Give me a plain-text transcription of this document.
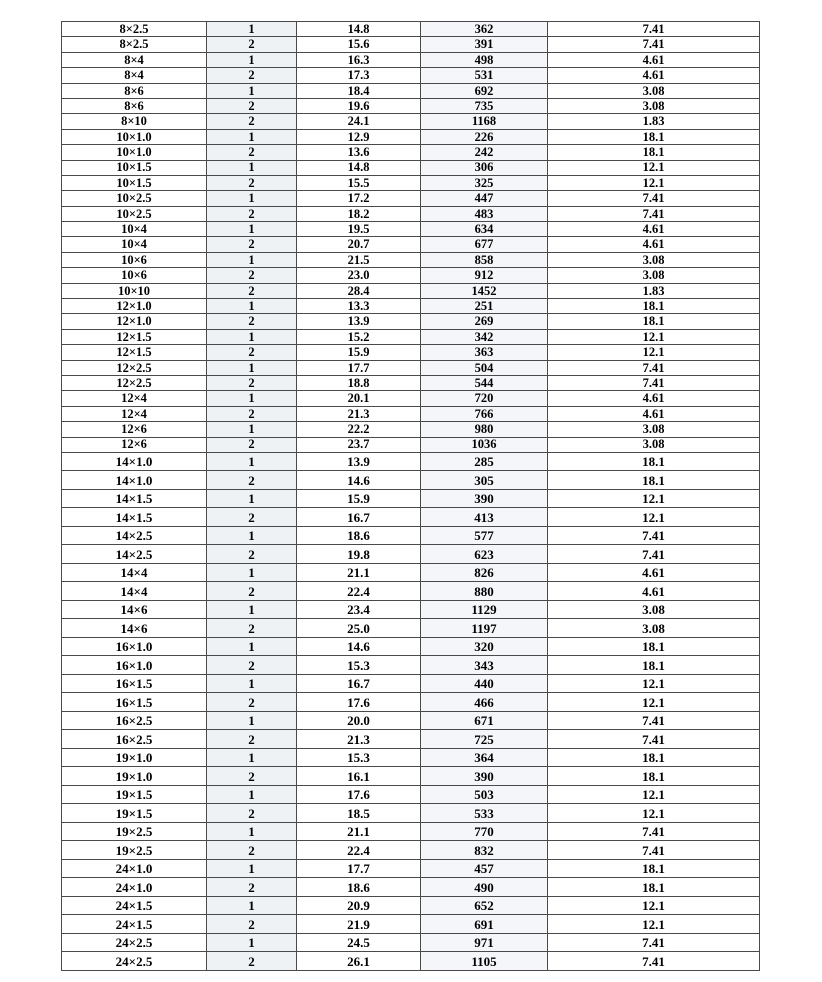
8×2.5	1	14.8	362	7.41
8×2.5	2	15.6	391	7.41
8×4	1	16.3	498	4.61
8×4	2	17.3	531	4.61
8×6	1	18.4	692	3.08
8×6	2	19.6	735	3.08
8×10	2	24.1	1168	1.83
10×1.0	1	12.9	226	18.1
10×1.0	2	13.6	242	18.1
10×1.5	1	14.8	306	12.1
10×1.5	2	15.5	325	12.1
10×2.5	1	17.2	447	7.41
10×2.5	2	18.2	483	7.41
10×4	1	19.5	634	4.61
10×4	2	20.7	677	4.61
10×6	1	21.5	858	3.08
10×6	2	23.0	912	3.08
10×10	2	28.4	1452	1.83
12×1.0	1	13.3	251	18.1
12×1.0	2	13.9	269	18.1
12×1.5	1	15.2	342	12.1
12×1.5	2	15.9	363	12.1
12×2.5	1	17.7	504	7.41
12×2.5	2	18.8	544	7.41
12×4	1	20.1	720	4.61
12×4	2	21.3	766	4.61
12×6	1	22.2	980	3.08
12×6	2	23.7	1036	3.08
14×1.0	1	13.9	285	18.1
14×1.0	2	14.6	305	18.1
14×1.5	1	15.9	390	12.1
14×1.5	2	16.7	413	12.1
14×2.5	1	18.6	577	7.41
14×2.5	2	19.8	623	7.41
14×4	1	21.1	826	4.61
14×4	2	22.4	880	4.61
14×6	1	23.4	1129	3.08
14×6	2	25.0	1197	3.08
16×1.0	1	14.6	320	18.1
16×1.0	2	15.3	343	18.1
16×1.5	1	16.7	440	12.1
16×1.5	2	17.6	466	12.1
16×2.5	1	20.0	671	7.41
16×2.5	2	21.3	725	7.41
19×1.0	1	15.3	364	18.1
19×1.0	2	16.1	390	18.1
19×1.5	1	17.6	503	12.1
19×1.5	2	18.5	533	12.1
19×2.5	1	21.1	770	7.41
19×2.5	2	22.4	832	7.41
24×1.0	1	17.7	457	18.1
24×1.0	2	18.6	490	18.1
24×1.5	1	20.9	652	12.1
24×1.5	2	21.9	691	12.1
24×2.5	1	24.5	971	7.41
24×2.5	2	26.1	1105	7.41
